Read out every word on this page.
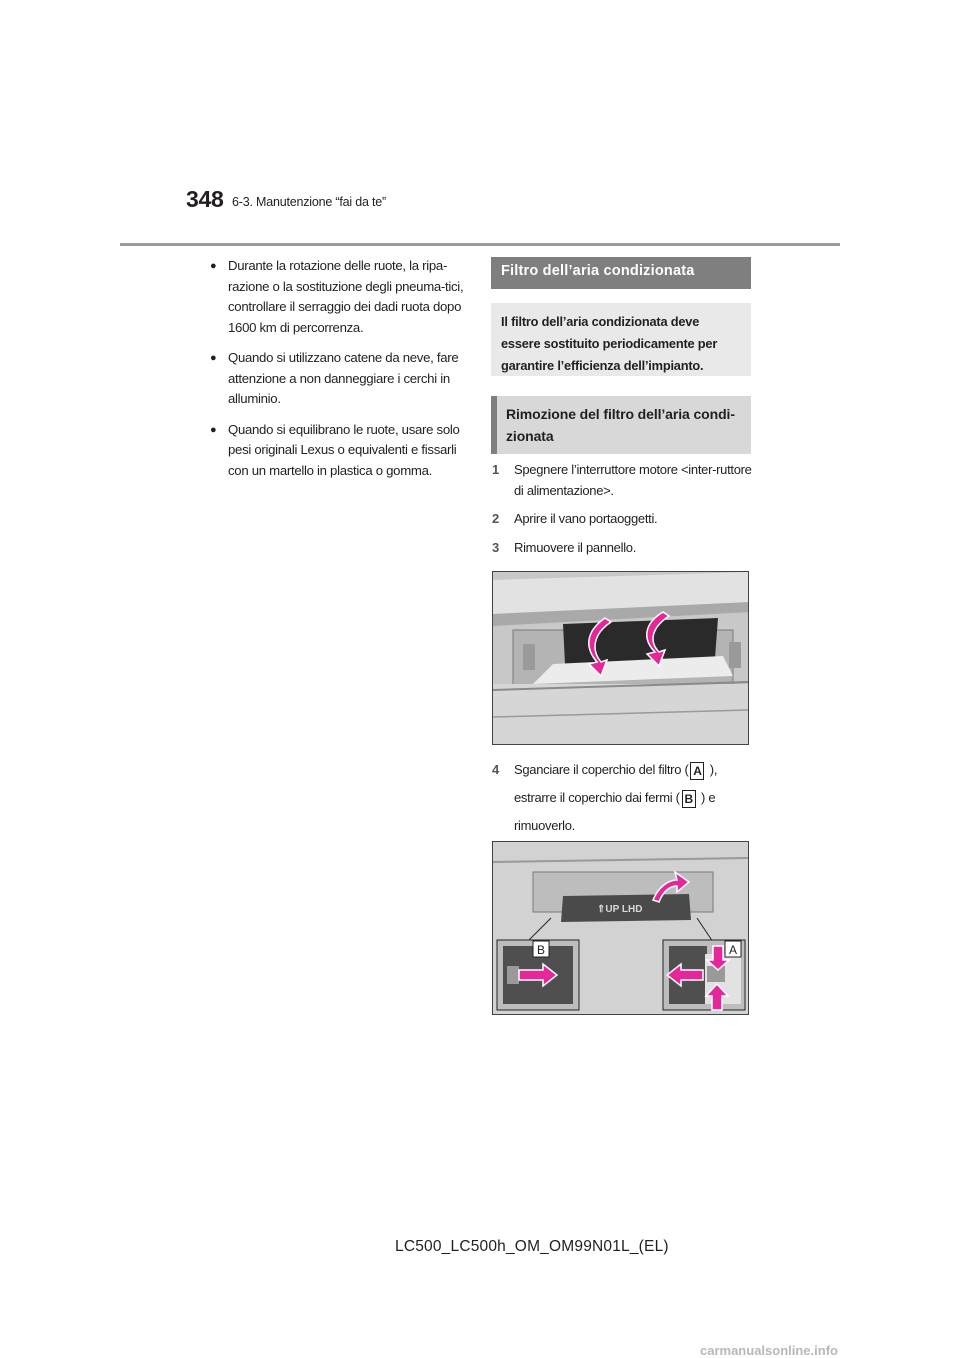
348 6-3. Manutenzione “fai da te”
● Durante la rotazione delle ruote, la ripa-razione o la sostituzione degli pneuma-tici, controllare il serraggio dei dadi ruota dopo 1600 km di percorrenza.
● Quando si utilizzano catene da neve, fare attenzione a non danneggiare i cerchi in alluminio.
● Quando si equilibrano le ruote, usare solo pesi originali Lexus o equivalenti e fissarli con un martello in plastica o gomma.
Filtro dell’aria condizionata
Il filtro dell’aria condizionata deve essere sostituito periodicamente per garantire l’efficienza dell’impianto.
Rimozione del filtro dell’aria condi-zionata
1	Spegnere l’interruttore motore <inter-ruttore di alimentazione>.
2	Aprire il vano portaoggetti.
3	Rimuovere il pannello.
4	Sganciare il coperchio del filtro ( A ),
estrarre il coperchio dai fermi ( B ) e
rimuoverlo.
⇑UP LHD
B	A
LC500_LC500h_OM_OM99N01L_(EL)
carmanualsonline.info
